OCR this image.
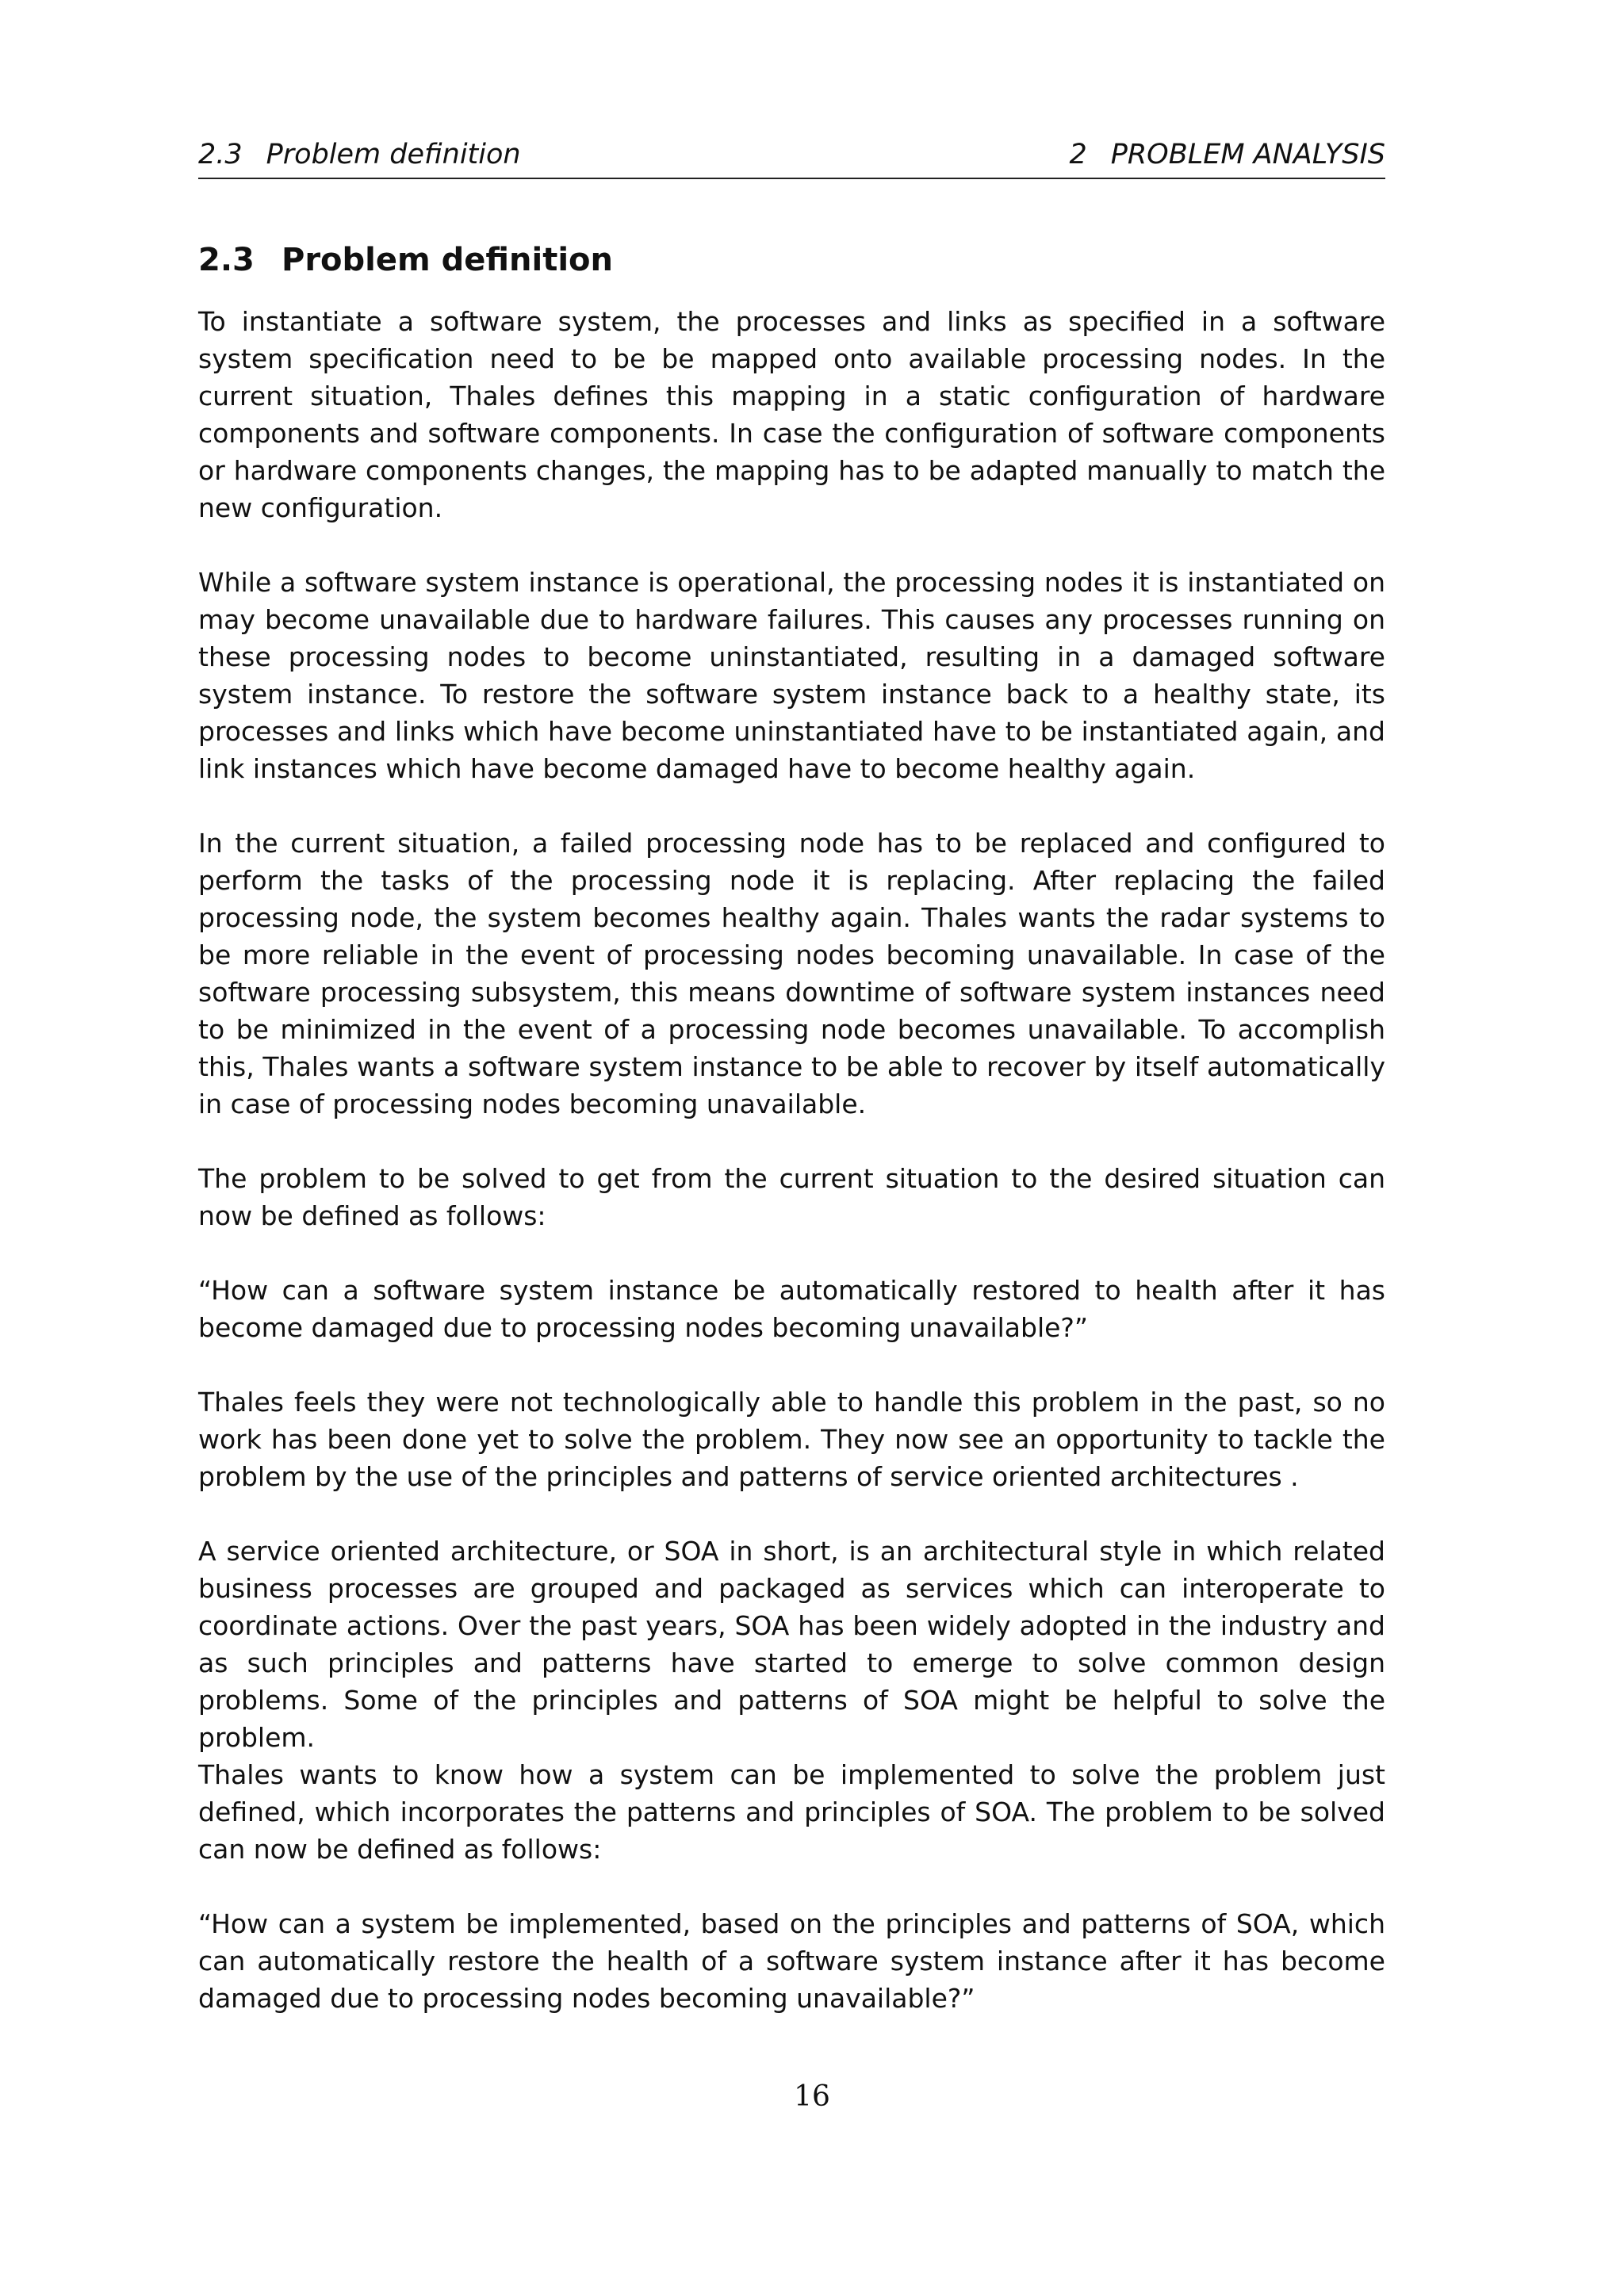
2.3 Problem definition	2 PROBLEM ANALYSIS
2.3 Problem definition

To instantiate a software system, the processes and links as specified in a software system specification need to be be mapped onto available processing nodes. In the current situation, Thales defines this mapping in a static configuration of hardware components and software components. In case the configuration of software components or hardware components changes, the mapping has to be adapted manually to match the new configuration.

While a software system instance is operational, the processing nodes it is instantiated on may become unavailable due to hardware failures. This causes any processes running on these processing nodes to become uninstantiated, resulting in a damaged software system instance. To restore the software system instance back to a healthy state, its processes and links which have become uninstantiated have to be instantiated again, and link instances which have become damaged have to become healthy again.

In the current situation, a failed processing node has to be replaced and configured to perform the tasks of the processing node it is replacing. After replacing the failed processing node, the system becomes healthy again. Thales wants the radar systems to be more reliable in the event of processing nodes becoming unavailable. In case of the software processing subsystem, this means downtime of software system instances need to be minimized in the event of a processing node becomes unavailable. To accomplish this, Thales wants a software system instance to be able to recover by itself automatically in case of processing nodes becoming unavailable.

The problem to be solved to get from the current situation to the desired situation can now be defined as follows:

“How can a software system instance be automatically restored to health after it has become damaged due to processing nodes becoming unavailable?”

Thales feels they were not technologically able to handle this problem in the past, so no work has been done yet to solve the problem. They now see an opportunity to tackle the problem by the use of the principles and patterns of service oriented architectures .

A service oriented architecture, or SOA in short, is an architectural style in which related business processes are grouped and packaged as services which can interoperate to coordinate actions. Over the past years, SOA has been widely adopted in the industry and as such principles and patterns have started to emerge to solve common design problems. Some of the principles and patterns of SOA might be helpful to solve the problem.

Thales wants to know how a system can be implemented to solve the problem just defined, which incorporates the patterns and principles of SOA. The problem to be solved can now be defined as follows:

“How can a system be implemented, based on the principles and patterns of SOA, which can automatically restore the health of a software system instance after it has become damaged due to processing nodes becoming unavailable?”

16
